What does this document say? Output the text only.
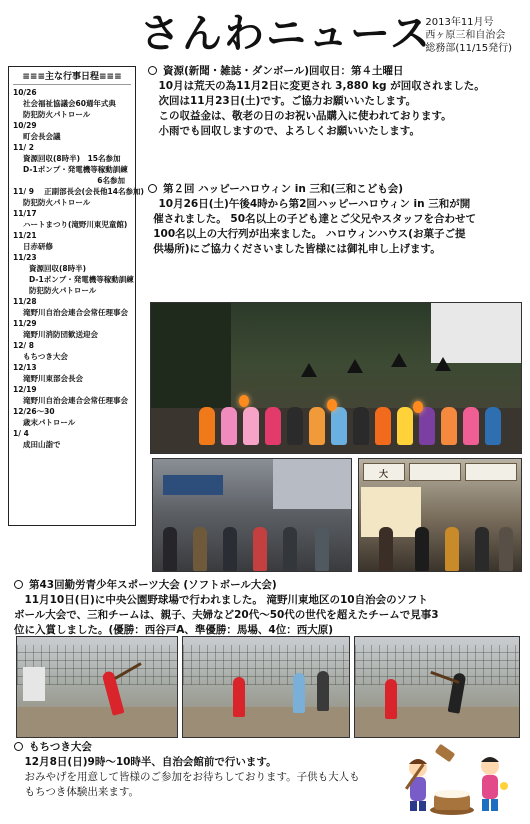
さんわニュース
2013年11月号
西ヶ原三和自治会
総務部(11/15発行)
≡≡≡主な行事日程≡≡≡
10/26
社会福祉協議会60週年式典
防犯防火パトロール
10/29
町会長会議
11/ 2
資源回収(8時半)　15名参加
D-1ポンプ・発電機等稼動訓練
6名参加
11/ 9　 正副部長会(会長他14名参加)
防犯防火パトロール
11/17
ハートまつり(滝野川東児童館)
11/21
日赤研修
11/23
資源回収(8時半)
D-1ポンプ・発電機等稼動訓練
防犯防火パトロール
11/28
滝野川自治会連合会常任理事会
11/29
滝野川消防団歓送迎会
12/ 8
もちつき大会
12/13
滝野川東部会長会
12/19
滝野川自治会連合会常任理事会
12/26～30
歳末パトロール
1/ 4
成田山詣で
資源(新聞・雑誌・ダンボール)回収日：第４土曜日

10月は荒天の為11月2日に変更され 3,880 kg が回収されました。

次回は11月23日(土)です。ご協力お願いいたします。

この収益金は、敬老の日のお祝い品購入に使われております。

小雨でも回収しますので、よろしくお願いいたします。

第２回 ハッピーハロウィン in 三和(三和こども会)

10月26日(土)午後4時から第2回ハッピーハロウィン in 三和が開

催されました。 50名以上の子ども達とご父兄やスタッフを合わせて

100名以上の大行列が出来ました。 ハロウィンハウス(お菓子ご提

供場所)にご協力くださいました皆様には御礼申し上げます。

大
第43回勤労青少年スポーツ大会 (ソフトボール大会)

11月10日(日)に中央公園野球場で行われました。 滝野川東地区の10自治会のソフト

ボール大会で、三和チームは、親子、夫婦など20代～50代の世代を超えたチームで見事3

位に入賞しました。(優勝：西谷戸A、準優勝：馬場、4位：西大原)

もちつき大会

12月8日(日)9時～10時半、自治会館前で行います。

おみやげを用意して皆様のご参加をお待ちしております。子供も大人も

もちつき体験出来ます。
